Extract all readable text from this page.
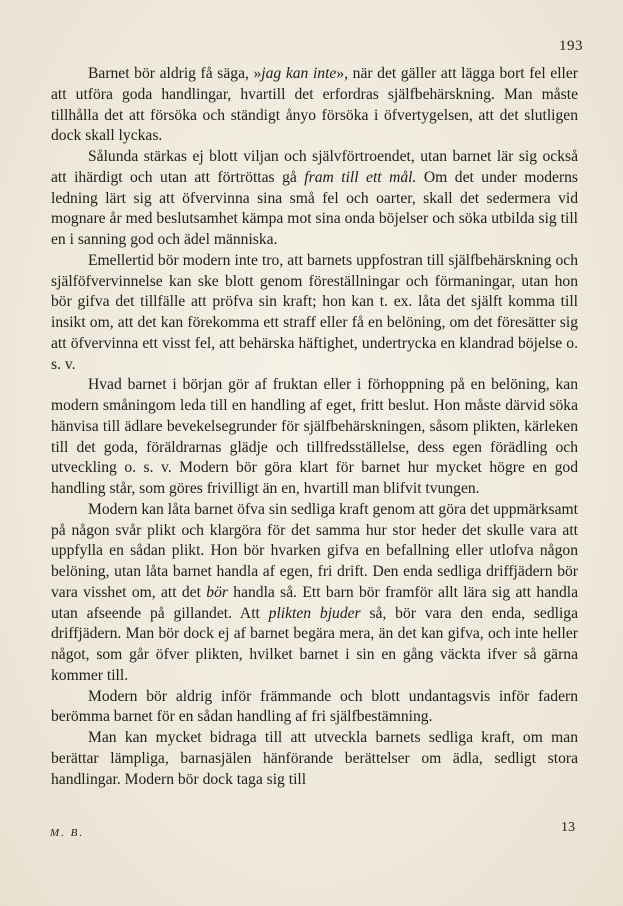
193

Barnet bör aldrig få säga, »jag kan inte», när det gäller att lägga bort fel eller att utföra goda handlingar, hvartill det erfordras själfbehärskning. Man måste tillhålla det att försöka och ständigt ånyo försöka i öfvertygelsen, att det slutligen dock skall lyckas.

Sålunda stärkas ej blott viljan och självförtroendet, utan barnet lär sig också att ihärdigt och utan att förtröttas gå fram till ett mål. Om det under moderns ledning lärt sig att öfvervinna sina små fel och oarter, skall det sedermera vid mognare år med beslutsamhet kämpa mot sina onda böjelser och söka utbilda sig till en i sanning god och ädel människa.

Emellertid bör modern inte tro, att barnets uppfostran till själfbehärskning och själföfvervinnelse kan ske blott genom föreställningar och förmaningar, utan hon bör gifva det tillfälle att pröfva sin kraft; hon kan t. ex. låta det själft komma till insikt om, att det kan förekomma ett straff eller få en belöning, om det föresätter sig att öfvervinna ett visst fel, att behärska häftighet, undertrycka en klandrad böjelse o. s. v.

Hvad barnet i början gör af fruktan eller i förhoppning på en belöning, kan modern småningom leda till en handling af eget, fritt beslut. Hon måste därvid söka hänvisa till ädlare bevekelsegrunder för själfbehärskningen, såsom plikten, kärleken till det goda, föräldrarnas glädje och tillfredsställelse, dess egen förädling och utveckling o. s. v. Modern bör göra klart för barnet hur mycket högre en god handling står, som göres frivilligt än en, hvartill man blifvit tvungen.

Modern kan låta barnet öfva sin sedliga kraft genom att göra det uppmärksamt på någon svår plikt och klargöra för det samma hur stor heder det skulle vara att uppfylla en sådan plikt. Hon bör hvarken gifva en befallning eller utlofva någon belöning, utan låta barnet handla af egen, fri drift. Den enda sedliga driffjädern bör vara visshet om, att det bör handla så. Ett barn bör framför allt lära sig att handla utan afseende på gillandet. Att plikten bjuder så, bör vara den enda, sedliga driffjädern. Man bör dock ej af barnet begära mera, än det kan gifva, och inte heller något, som går öfver plikten, hvilket barnet i sin en gång väckta ifver så gärna kommer till.

Modern bör aldrig inför främmande och blott undantagsvis inför fadern berömma barnet för en sådan handling af fri själfbestämning.

Man kan mycket bidraga till att utveckla barnets sedliga kraft, om man berättar lämpliga, barnasjälen hänförande berättelser om ädla, sedligt stora handlingar. Modern bör dock taga sig till

M. B.	13
